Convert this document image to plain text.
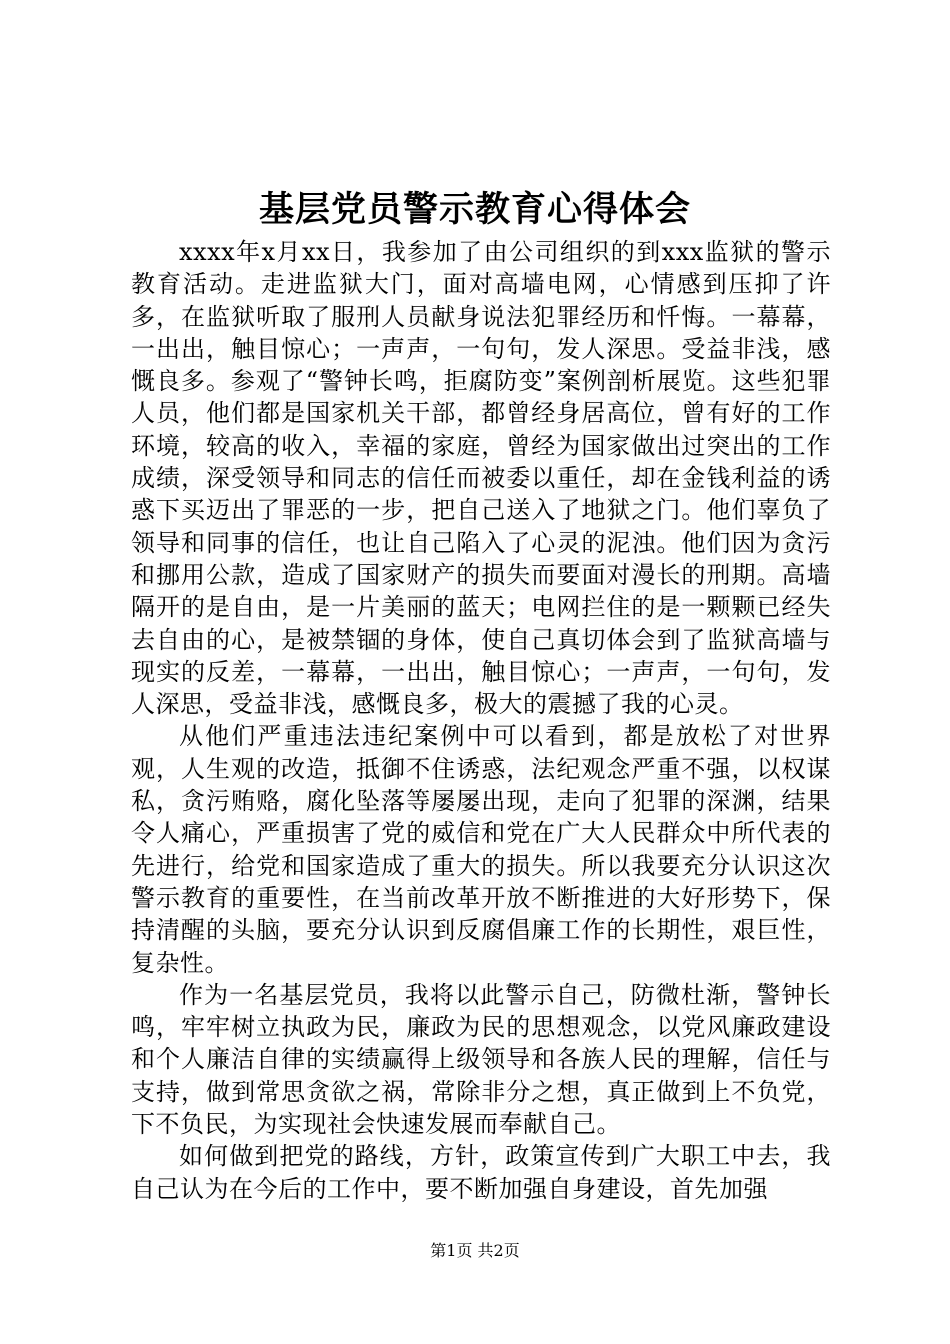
基层党员警示教育心得体会

xxxx年x月xx日，我参加了由公司组织的到xxx监狱的警示教育活动。走进监狱大门，面对高墙电网，心情感到压抑了许多，在监狱听取了服刑人员献身说法犯罪经历和忏悔。一幕幕，一出出，触目惊心；一声声，一句句，发人深思。受益非浅，感慨良多。参观了“警钟长鸣，拒腐防变”案例剖析展览。这些犯罪人员，他们都是国家机关干部，都曾经身居高位，曾有好的工作环境，较高的收入，幸福的家庭，曾经为国家做出过突出的工作成绩，深受领导和同志的信任而被委以重任，却在金钱利益的诱惑下买迈出了罪恶的一步，把自己送入了地狱之门。他们辜负了领导和同事的信任，也让自己陷入了心灵的泥浊。他们因为贪污和挪用公款，造成了国家财产的损失而要面对漫长的刑期。高墙隔开的是自由，是一片美丽的蓝天；电网拦住的是一颗颗已经失去自由的心，是被禁锢的身体，使自己真切体会到了监狱高墙与现实的反差，一幕幕，一出出，触目惊心；一声声，一句句，发人深思，受益非浅，感慨良多，极大的震撼了我的心灵。

从他们严重违法违纪案例中可以看到，都是放松了对世界观，人生观的改造，抵御不住诱惑，法纪观念严重不强，以权谋私，贪污贿赂，腐化坠落等屡屡出现，走向了犯罪的深渊，结果令人痛心，严重损害了党的威信和党在广大人民群众中所代表的先进行，给党和国家造成了重大的损失。所以我要充分认识这次警示教育的重要性，在当前改革开放不断推进的大好形势下，保持清醒的头脑，要充分认识到反腐倡廉工作的长期性，艰巨性，复杂性。

作为一名基层党员，我将以此警示自己，防微杜渐，警钟长鸣，牢牢树立执政为民，廉政为民的思想观念，以党风廉政建设和个人廉洁自律的实绩赢得上级领导和各族人民的理解，信任与支持，做到常思贪欲之祸，常除非分之想，真正做到上不负党，下不负民，为实现社会快速发展而奉献自己。

如何做到把党的路线，方针，政策宣传到广大职工中去，我自己认为在今后的工作中，要不断加强自身建设，首先加强

第1页 共2页
